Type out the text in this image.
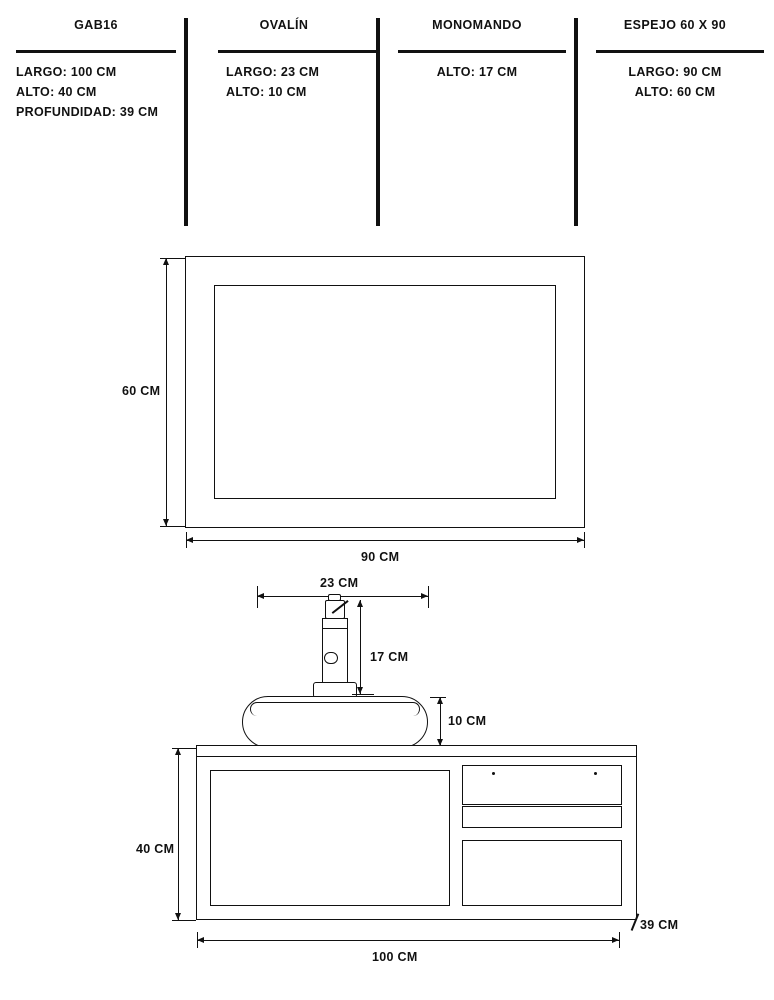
GAB16
LARGO: 100 CM
ALTO: 40 CM
PROFUNDIDAD: 39 CM
OVALÍN
LARGO: 23 CM
ALTO: 10 CM
MONOMANDO
ALTO: 17 CM
ESPEJO 60 X 90
LARGO: 90 CM
ALTO: 60 CM
60 CM
90 CM
23 CM
17 CM
10 CM
40 CM
39 CM
100 CM
